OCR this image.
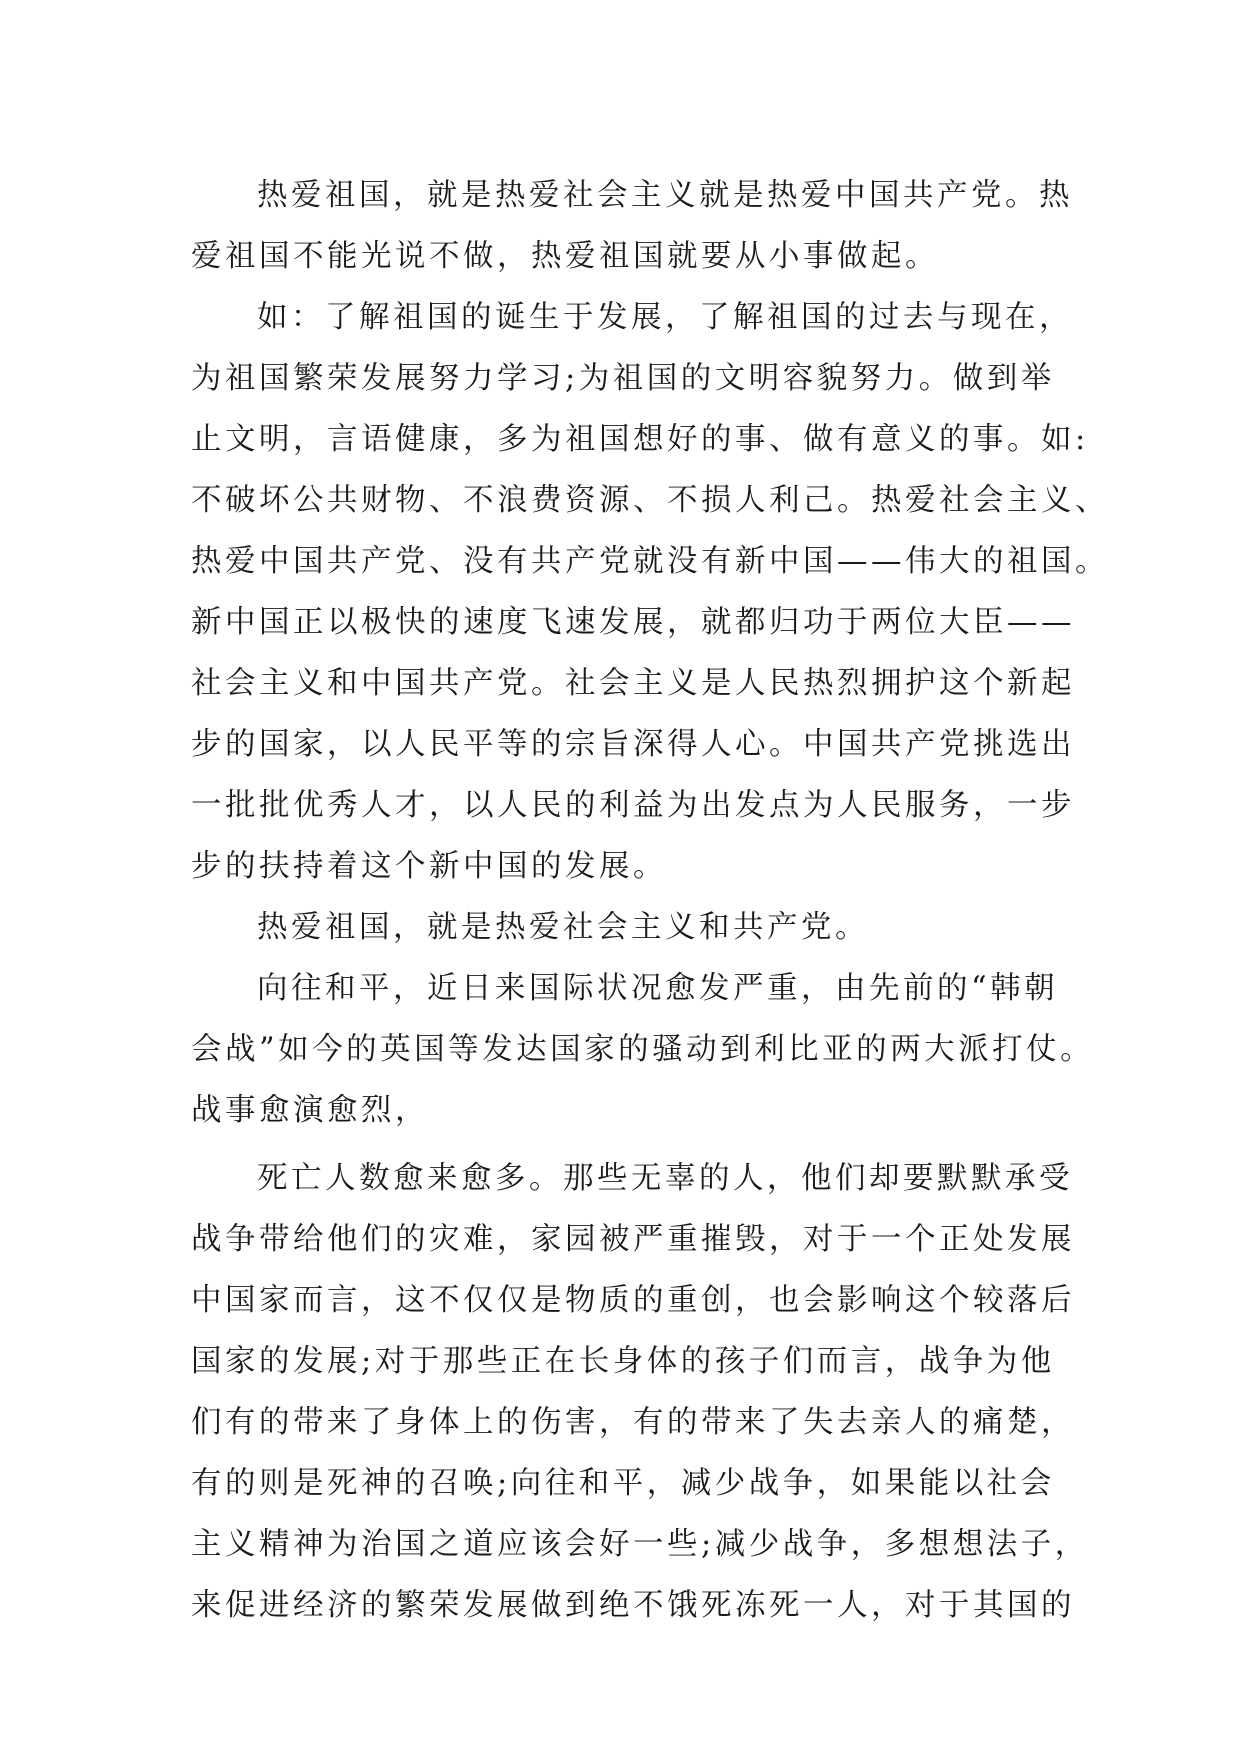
热爱祖国，就是热爱社会主义就是热爱中国共产党。热
爱祖国不能光说不做，热爱祖国就要从小事做起。
如：了解祖国的诞生于发展，了解祖国的过去与现在，
为祖国繁荣发展努力学习;为祖国的文明容貌努力。做到举
止文明，言语健康，多为祖国想好的事、做有意义的事。如:
不破坏公共财物、不浪费资源、不损人利己。热爱社会主义、
热爱中国共产党、没有共产党就没有新中国——伟大的祖国。
新中国正以极快的速度飞速发展，就都归功于两位大臣——
社会主义和中国共产党。社会主义是人民热烈拥护这个新起
步的国家，以人民平等的宗旨深得人心。中国共产党挑选出
一批批优秀人才，以人民的利益为出发点为人民服务，一步
步的扶持着这个新中国的发展。
热爱祖国，就是热爱社会主义和共产党。
向往和平，近日来国际状况愈发严重，由先前的“韩朝
会战”如今的英国等发达国家的骚动到利比亚的两大派打仗。
战事愈演愈烈，
死亡人数愈来愈多。那些无辜的人，他们却要默默承受
战争带给他们的灾难，家园被严重摧毁，对于一个正处发展
中国家而言，这不仅仅是物质的重创，也会影响这个较落后
国家的发展;对于那些正在长身体的孩子们而言，战争为他
们有的带来了身体上的伤害，有的带来了失去亲人的痛楚，
有的则是死神的召唤;向往和平，减少战争，如果能以社会
主义精神为治国之道应该会好一些;减少战争，多想想法子，
来促进经济的繁荣发展做到绝不饿死冻死一人，对于其国的
